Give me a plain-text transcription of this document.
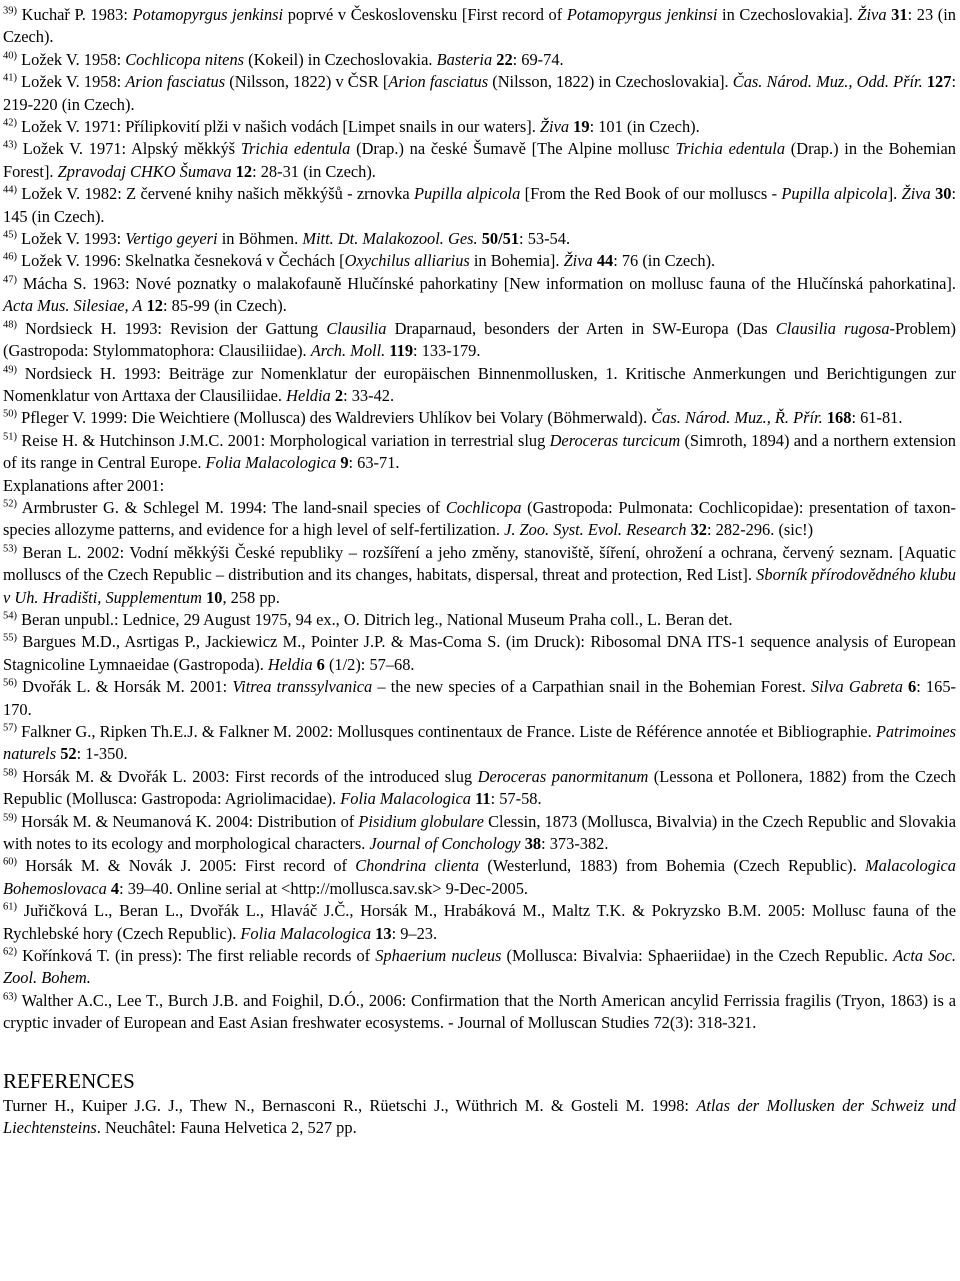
$^{39)}$ Kuchař P. 1983: Potamopyrgus jenkinsi poprvé v Československu [First record of Potamopyrgus jenkinsi in Czechoslovakia]. Živa 31: 23 (in Czech).

$^{40)}$ Ložek V. 1958: Cochlicopa nitens (Kokeil) in Czechoslovakia. Basteria 22: 69-74.

$^{41)}$ Ložek V. 1958: Arion fasciatus (Nilsson, 1822) v ČSR [Arion fasciatus (Nilsson, 1822) in Czechoslovakia]. Čas. Národ. Muz., Odd. Přír. 127: 219-220 (in Czech).

$^{42)}$ Ložek V. 1971: Přílipkovití plži v našich vodách [Limpet snails in our waters]. Živa 19: 101 (in Czech).

$^{43)}$ Ložek V. 1971: Alpský měkkýš Trichia edentula (Drap.) na české Šumavě [The Alpine mollusc Trichia edentula (Drap.) in the Bohemian Forest]. Zpravodaj CHKO Šumava 12: 28-31 (in Czech).

$^{44)}$ Ložek V. 1982: Z červené knihy našich měkkýšů - zrnovka Pupilla alpicola [From the Red Book of our molluscs - Pupilla alpicola]. Živa 30: 145 (in Czech).

$^{45)}$ Ložek V. 1993: Vertigo geyeri in Böhmen. Mitt. Dt. Malakozool. Ges. 50/51: 53-54.

$^{46)}$ Ložek V. 1996: Skelnatka česneková v Čechách [Oxychilus alliarius in Bohemia]. Živa 44: 76 (in Czech).

$^{47)}$ Mácha S. 1963: Nové poznatky o malakofauně Hlučínské pahorkatiny [New information on mollusc fauna of the Hlučínská pahorkatina]. Acta Mus. Silesiae, A 12: 85-99 (in Czech).

$^{48)}$ Nordsieck H. 1993: Revision der Gattung Clausilia Draparnaud, besonders der Arten in SW-Europa (Das Clausilia rugosa-Problem) (Gastropoda: Stylommatophora: Clausiliidae). Arch. Moll. 119: 133-179.

$^{49)}$ Nordsieck H. 1993: Beiträge zur Nomenklatur der europäischen Binnenmollusken, 1. Kritische Anmerkungen und Berichtigungen zur Nomenklatur von Arttaxa der Clausiliidae. Heldia 2: 33-42.

$^{50)}$ Pfleger V. 1999: Die Weichtiere (Mollusca) des Waldreviers Uhlíkov bei Volary (Böhmerwald). Čas. Národ. Muz., Ř. Přír. 168: 61-81.

$^{51)}$ Reise H. & Hutchinson J.M.C. 2001: Morphological variation in terrestrial slug Deroceras turcicum (Simroth, 1894) and a northern extension of its range in Central Europe. Folia Malacologica 9: 63-71.

Explanations after 2001:

$^{52)}$ Armbruster G. & Schlegel M. 1994: The land-snail species of Cochlicopa (Gastropoda: Pulmonata: Cochlicopidae): presentation of taxon-species allozyme patterns, and evidence for a high level of self-fertilization. J. Zoo. Syst. Evol. Research 32: 282-296. (sic!)

$^{53)}$ Beran L. 2002: Vodní měkkýši České republiky – rozšíření a jeho změny, stanoviště, šíření, ohrožení a ochrana, červený seznam. [Aquatic molluscs of the Czech Republic – distribution and its changes, habitats, dispersal, threat and protection, Red List]. Sborník přírodovědného klubu v Uh. Hradišti, Supplementum 10, 258 pp.

$^{54)}$ Beran unpubl.: Lednice, 29 August 1975, 94 ex., O. Ditrich leg., National Museum Praha coll., L. Beran det.

$^{55)}$ Bargues M.D., Asrtigas P., Jackiewicz M., Pointer J.P. & Mas-Coma S. (im Druck): Ribosomal DNA ITS-1 sequence analysis of European Stagnicoline Lymnaeidae (Gastropoda). Heldia 6 (1/2): 57–68.

$^{56)}$ Dvořák L. & Horsák M. 2001: Vitrea transsylvanica – the new species of a Carpathian snail in the Bohemian Forest. Silva Gabreta 6: 165-170.

$^{57)}$ Falkner G., Ripken Th.E.J. & Falkner M. 2002: Mollusques continentaux de France. Liste de Référence annotée et Bibliographie. Patrimoines naturels 52: 1-350.

$^{58)}$ Horsák M. & Dvořák L. 2003: First records of the introduced slug Deroceras panormitanum (Lessona et Pollonera, 1882) from the Czech Republic (Mollusca: Gastropoda: Agriolimacidae). Folia Malacologica 11: 57-58.

$^{59)}$ Horsák M. & Neumanová K. 2004: Distribution of Pisidium globulare Clessin, 1873 (Mollusca, Bivalvia) in the Czech Republic and Slovakia with notes to its ecology and morphological characters. Journal of Conchology 38: 373-382.

$^{60)}$ Horsák M. & Novák J. 2005: First record of Chondrina clienta (Westerlund, 1883) from Bohemia (Czech Republic). Malacologica Bohemoslovaca 4: 39–40. Online serial at <http://mollusca.sav.sk> 9-Dec-2005.

$^{61)}$ Juřičková L., Beran L., Dvořák L., Hlaváč J.Č., Horsák M., Hrabáková M., Maltz T.K. & Pokryzsko B.M. 2005: Mollusc fauna of the Rychlebské hory (Czech Republic). Folia Malacologica 13: 9–23.

$^{62)}$ Kořínková T. (in press): The first reliable records of Sphaerium nucleus (Mollusca: Bivalvia: Sphaeriidae) in the Czech Republic. Acta Soc. Zool. Bohem.

$^{63)}$ Walther A.C., Lee T., Burch J.B. and Foighil, D.Ó., 2006: Confirmation that the North American ancylid Ferrissia fragilis (Tryon, 1863) is a cryptic invader of European and East Asian freshwater ecosystems. - Journal of Molluscan Studies 72(3): 318-321.

REFERENCES

Turner H., Kuiper J.G. J., Thew N., Bernasconi R., Rüetschi J., Wüthrich M. & Gosteli M. 1998: Atlas der Mollusken der Schweiz und Liechtensteins. Neuchâtel: Fauna Helvetica 2, 527 pp.
